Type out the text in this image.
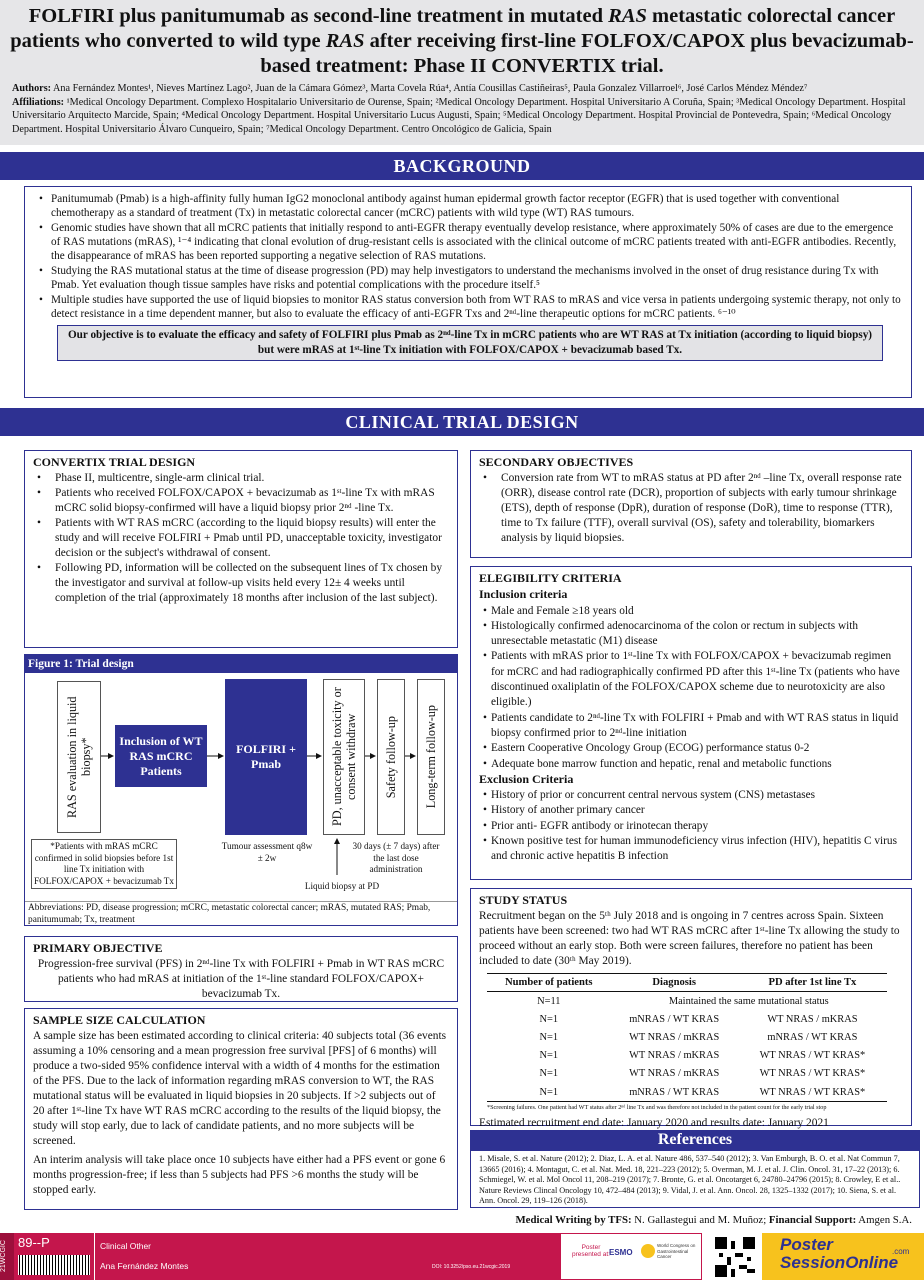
FOLFIRI plus panitumumab as second-line treatment in mutated RAS metastatic colorectal cancer patients who converted to wild type RAS after receiving first-line FOLFOX/CAPOX plus bevacizumab-based treatment: Phase II CONVERTIX trial.
Authors: Ana Fernández Montes¹, Nieves Martínez Lago², Juan de la Cámara Gómez³, Marta Covela Rúa⁴, Antía Cousillas Castiñeiras⁵, Paula Gonzalez Villarroel⁶, José Carlos Méndez Méndez⁷
Affiliations: ¹Medical Oncology Department. Complexo Hospitalario Universitario de Ourense, Spain; ²Medical Oncology Department. Hospital Universitario A Coruña, Spain; ³Medical Oncology Department. Hospital Universitario Arquitecto Marcide, Spain; ⁴Medical Oncology Department. Hospital Universitario Lucus Augusti, Spain; ⁵Medical Oncology Department. Hospital Provincial de Pontevedra, Spain; ⁶Medical Oncology Department. Hospital Universitario Álvaro Cunqueiro, Spain; ⁷Medical Oncology Department. Centro Oncológico de Galicia, Spain
BACKGROUND
• Panitumumab (Pmab) is a high-affinity fully human IgG2 monoclonal antibody against human epidermal growth factor receptor (EGFR) that is used together with conventional chemotherapy as a standard of treatment (Tx) in metastatic colorectal cancer (mCRC) patients with wild type (WT) RAS tumours.
• Genomic studies have shown that all mCRC patients that initially respond to anti-EGFR therapy eventually develop resistance, where approximately 50% of cases are due to the emergence of RAS mutations (mRAS), ¹⁻⁴ indicating that clonal evolution of drug-resistant cells is associated with the clinical outcome of mCRC patients treated with anti-EGFR antibodies. Recently, the disappearance of mRAS has been reported supporting a negative selection of RAS mutations.
• Studying the RAS mutational status at the time of disease progression (PD) may help investigators to understand the mechanisms involved in the onset of drug resistance during Tx with Pmab. Yet evaluation though tissue samples have risks and potential complications with the procedure itself.⁵
• Multiple studies have supported the use of liquid biopsies to monitor RAS status conversion both from WT RAS to mRAS and vice versa in patients undergoing systemic therapy, not only to detect resistance in a time dependent manner, but also to evaluate the efficacy of anti-EGFR Txs and 2ⁿᵈ-line therapeutic options for mCRC patients. ⁶⁻¹⁰
Our objective is to evaluate the efficacy and safety of FOLFIRI plus Pmab as 2ⁿᵈ-line Tx in mCRC patients who are WT RAS at Tx initiation (according to liquid biopsy) but were mRAS at 1ˢᵗ-line Tx initiation with FOLFOX/CAPOX + bevacizumab based Tx.
CLINICAL TRIAL DESIGN
CONVERTIX TRIAL DESIGN
• Phase II, multicentre, single-arm clinical trial.
• Patients who received FOLFOX/CAPOX + bevacizumab as 1ˢᵗ-line Tx with mRAS mCRC solid biopsy-confirmed will have a liquid biopsy prior 2ⁿᵈ -line Tx.
• Patients with WT RAS mCRC (according to the liquid biopsy results) will enter the study and will receive FOLFIRI + Pmab until PD, unacceptable toxicity, investigator decision or the subject's withdrawal of consent.
• Following PD, information will be collected on the subsequent lines of Tx chosen by the investigator and survival at follow-up visits held every 12± 4 weeks until completion of the trial (approximately 18 months after inclusion of the last subject).
Figure 1: Trial design
RAS evaluation in liquid biopsy*	Inclusion of WT RAS mCRC Patients
FOLFIRI + Pmab	PD, unacceptable toxicity or consent withdraw Safety follow-up Long-term follow-up
*Patients with mRAS mCRC confirmed in solid biopsies before 1st line Tx initiation with FOLFOX/CAPOX + bevacizumab Tx
Tumour assessment q8w ± 2w
30 days (± 7 days) after the last dose administration
Liquid biopsy at PD
Abbreviations: PD, disease progression; mCRC, metastatic colorectal cancer; mRAS, mutated RAS; Pmab, panitumumab; Tx, treatment
PRIMARY OBJECTIVE
Progression-free survival (PFS) in 2ⁿᵈ-line Tx with FOLFIRI + Pmab in WT RAS mCRC patients who had mRAS at initiation of the 1ˢᵗ-line standard FOLFOX/CAPOX+ bevacizumab Tx.
SAMPLE SIZE CALCULATION

A sample size has been estimated according to clinical criteria: 40 subjects total (36 events assuming a 10% censoring and a mean progression free survival [PFS] of 6 months) will produce a two-sided 95% confidence interval with a width of 4 months for the estimation of the PFS. Due to the lack of information regarding mRAS conversion to WT, the RAS mutational status will be evaluated in liquid biopsies in 20 subjects. If >2 subjects out of 20 after 1ˢᵗ-line Tx have WT RAS mCRC according to the results of the liquid biopsy, the study will stop early, due to lack of candidate patients, and no more subjects will be screened.

An interim analysis will take place once 10 subjects have either had a PFS event or gone 6 months progression-free; if less than 5 subjects had PFS >6 months the study will be stopped early.

SECONDARY OBJECTIVES
• Conversion rate from WT to mRAS status at PD after 2ⁿᵈ –line Tx, overall response rate (ORR), disease control rate (DCR), proportion of subjects with early tumour shrinkage (ETS), depth of response (DpR), duration of response (DoR), time to response (TTR), time to Tx failure (TTF), overall survival (OS), safety and tolerability, biomarkers analysis by liquid biopsies.
ELEGIBILITY CRITERIA
Inclusion criteria
• Male and Female ≥18 years old
• Histologically confirmed adenocarcinoma of the colon or rectum in subjects with unresectable metastatic (M1) disease
• Patients with mRAS prior to 1ˢᵗ-line Tx with FOLFOX/CAPOX + bevacizumab regimen for mCRC and had radiographically confirmed PD after this 1ˢᵗ-line Tx (patients who have discontinued oxaliplatin of the FOLFOX/CAPOX scheme due to neurotoxicity are also eligible.)
• Patients candidate to 2ⁿᵈ-line Tx with FOLFIRI + Pmab and with WT RAS status in liquid biopsy confirmed prior to 2ⁿᵈ-line initiation
• Eastern Cooperative Oncology Group (ECOG) performance status 0-2
• Adequate bone marrow function and hepatic, renal and metabolic functions
Exclusion Criteria
• History of prior or concurrent central nervous system (CNS) metastases
• History of another primary cancer
• Prior anti- EGFR antibody or irinotecan therapy
• Known positive test for human immunodeficiency virus infection (HIV), hepatitis C virus and chronic active hepatitis B infection
STUDY STATUS

Recruitment began on the 5ᵗʰ July 2018 and is ongoing in 7 centres across Spain. Sixteen patients have been screened: two had WT RAS mCRC after 1ˢᵗ-line Tx allowing the study to proceed without an early stop. Both were screen failures, therefore no patient has been included to date (30ᵗʰ May 2019).

Number of patients	Diagnosis	PD after 1st line Tx
N=11	Maintained the same mutational status	
N=1	mNRAS / WT KRAS	WT NRAS / mKRAS
N=1	WT NRAS / mKRAS	mNRAS / WT KRAS
N=1	WT NRAS / mKRAS	WT NRAS / WT KRAS*
N=1	WT NRAS / mKRAS	WT NRAS / WT KRAS*
N=1	mNRAS / WT KRAS	WT NRAS / WT KRAS*
*Screening failures. One patient had WT status after 2ⁿᵈ line Tx and was therefore not included in the patient count for the early trial stop

Estimated recruitment end date: January 2020 and results date: January 2021

References
1. Misale, S. et al. Nature (2012); 2. Diaz, L. A. et al. Nature 486, 537–540 (2012); 3. Van Emburgh, B. O. et al. Nat Commun 7, 13665 (2016); 4. Montagut, C. et al. Nat. Med. 18, 221–223 (2012); 5. Overman, M. J. et al. J. Clin. Oncol. 31, 17–22 (2013); 6. Schmiegel, W. et al. Mol Oncol 11, 208–219 (2017); 7. Bronte, G. et al. Oncotarget 6, 24780–24796 (2015); 8. Crowley, E et al.. Nature Reviews Clincal Oncology 10, 472–484 (2013); 9. Vidal, J. et al. Ann. Oncol. 28, 1325–1332 (2017); 10. Siena, S. et al. Ann. Oncol. 29, 119–126 (2018).
Medical Writing by TFS: N. Gallastegui and M. Muñoz; Financial Support: Amgen S.A.
21WCGIC 89--P	Clinical Other
Ana Fernández Montes	DOI: 10.3252/pso.eu.21wcgic.2019
Poster presented at: ESMO
World Congress on Gastrointestinal Cancer
Poster
SessionOnline
.com
